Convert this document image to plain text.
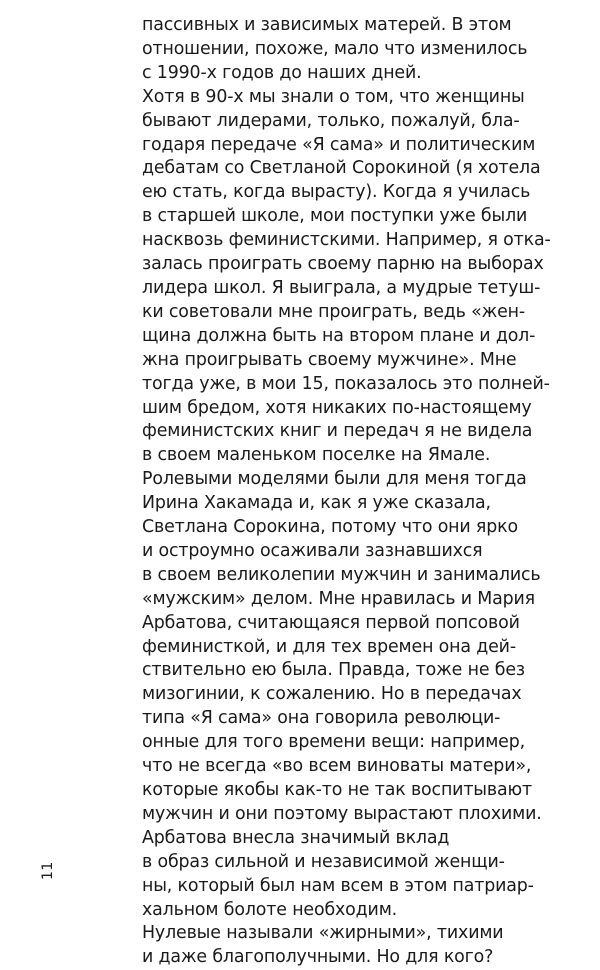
пассивных и зависимых матерей. В этом
отношении, похоже, мало что изменилось
с 1990-х годов до наших дней.
Хотя в 90-х мы знали о том, что женщины
бывают лидерами, только, пожалуй, бла-
годаря передаче «Я сама» и политическим
дебатам со Светланой Сорокиной (я хотела
ею стать, когда вырасту). Когда я училась
в старшей школе, мои поступки уже были
насквозь феминистскими. Например, я отка-
залась проиграть своему парню на выборах
лидера школ. Я выиграла, а мудрые тетуш-
ки советовали мне проиграть, ведь «жен-
щина должна быть на втором плане и дол-
жна проигрывать своему мужчине». Мне
тогда уже, в мои 15, показалось это полней-
шим бредом, хотя никаких по-настоящему
феминистских книг и передач я не видела
в своем маленьком поселке на Ямале.
Ролевыми моделями были для меня тогда
Ирина Хакамада и, как я уже сказала,
Светлана Сорокина, потому что они ярко
и остроумно осаживали зазнавшихся
в своем великолепии мужчин и занимались
«мужским» делом. Мне нравилась и Мария
Арбатова, считающаяся первой попсовой
феминисткой, и для тех времен она дей-
ствительно ею была. Правда, тоже не без
мизогинии, к сожалению. Но в передачах
типа «Я сама» она говорила революци-
онные для того времени вещи: например,
что не всегда «во всем виноваты матери»,
которые якобы как-то не так воспитывают
мужчин и они поэтому вырастают плохими.
Арбатова внесла значимый вклад
в образ сильной и независимой женщи-
ны, который был нам всем в этом патриар-
хальном болоте необходим.
Нулевые называли «жирными», тихими
и даже благополучными. Но для кого?
11
